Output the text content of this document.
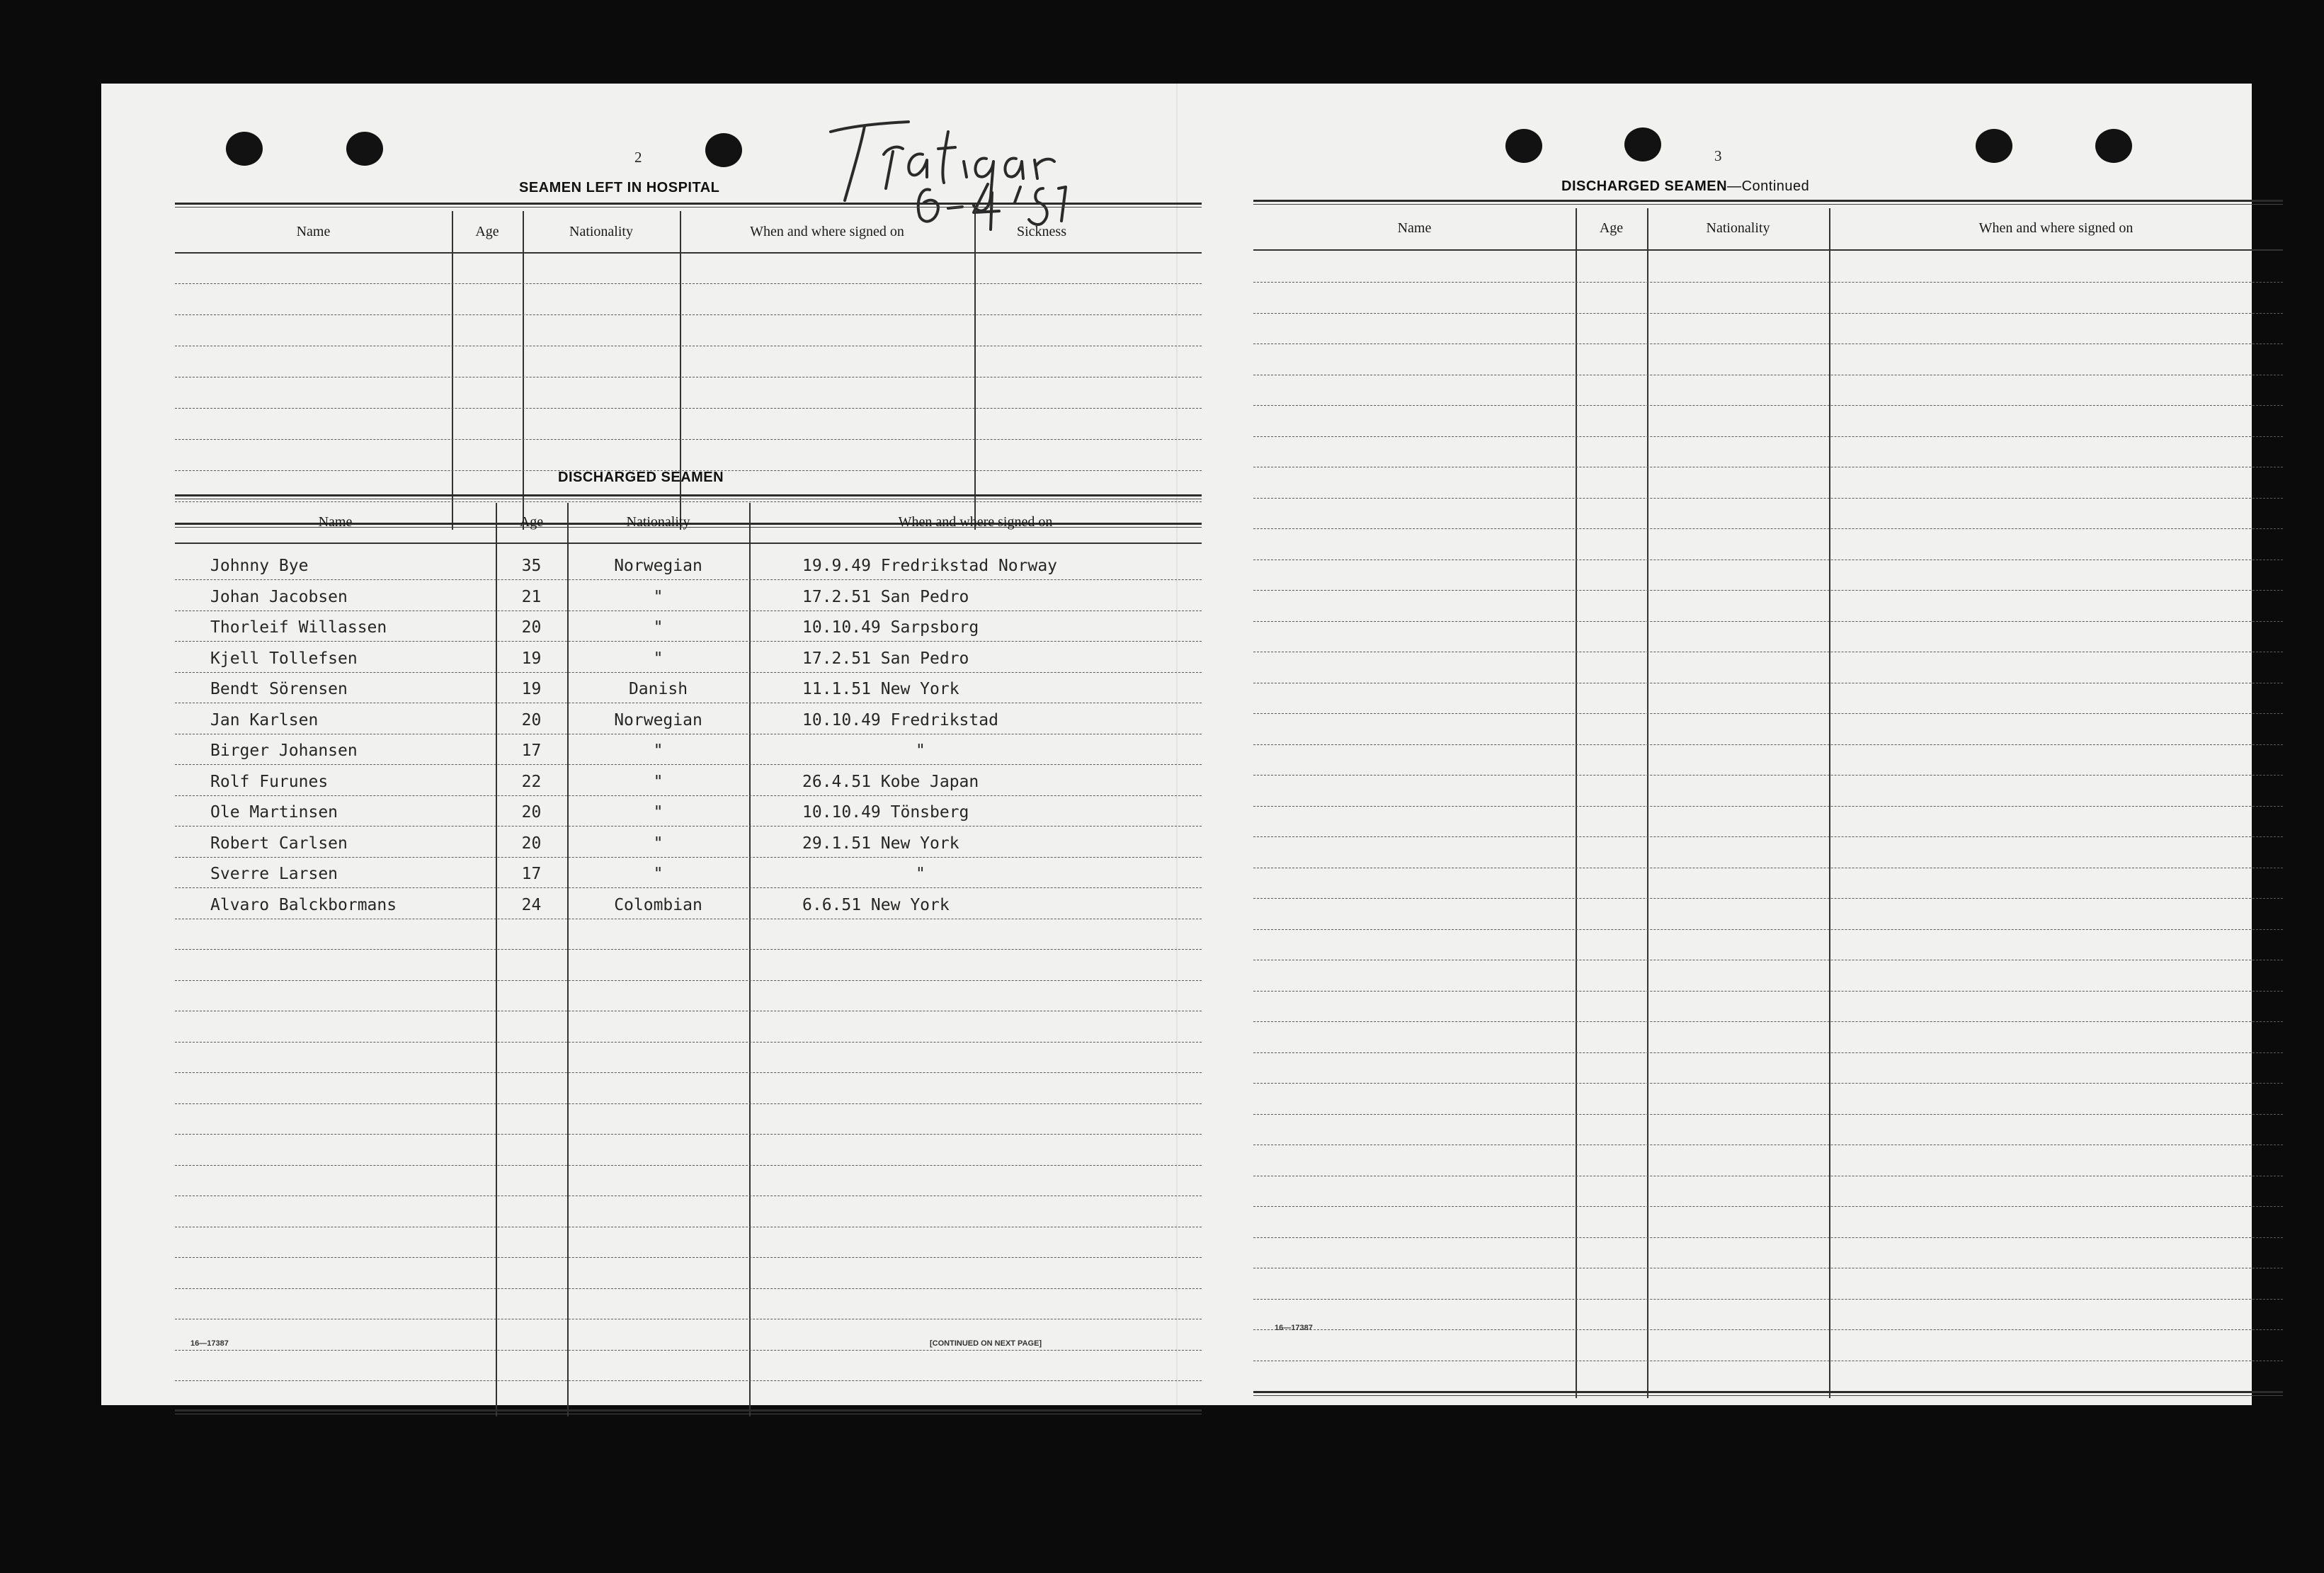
2
SEAMEN LEFT IN HOSPITAL
Name	Age	Nationality	When and where signed on	Sickness
DISCHARGED SEAMEN
Name	Age	Nationality	When and where signed on
Johnny Bye	35	Norwegian	19.9.49 Fredrikstad Norway
Johan Jacobsen	21	"	17.2.51 San Pedro
Thorleif Willassen	20	"	10.10.49 Sarpsborg
Kjell Tollefsen	19	"	17.2.51 San Pedro
Bendt Sörensen	19	Danish	11.1.51 New York
Jan Karlsen	20	Norwegian	10.10.49 Fredrikstad
Birger Johansen	17	"	"
Rolf Furunes	22	"	26.4.51 Kobe Japan
Ole Martinsen	20	"	10.10.49 Tönsberg
Robert Carlsen	20	"	29.1.51 New York
Sverre Larsen	17	"	"
Alvaro Balckbormans	24	Colombian	6.6.51 New York
16—17387	[CONTINUED ON NEXT PAGE]
3
DISCHARGED SEAMEN—Continued
Name	Age	Nationality	When and where signed on
16—17387
